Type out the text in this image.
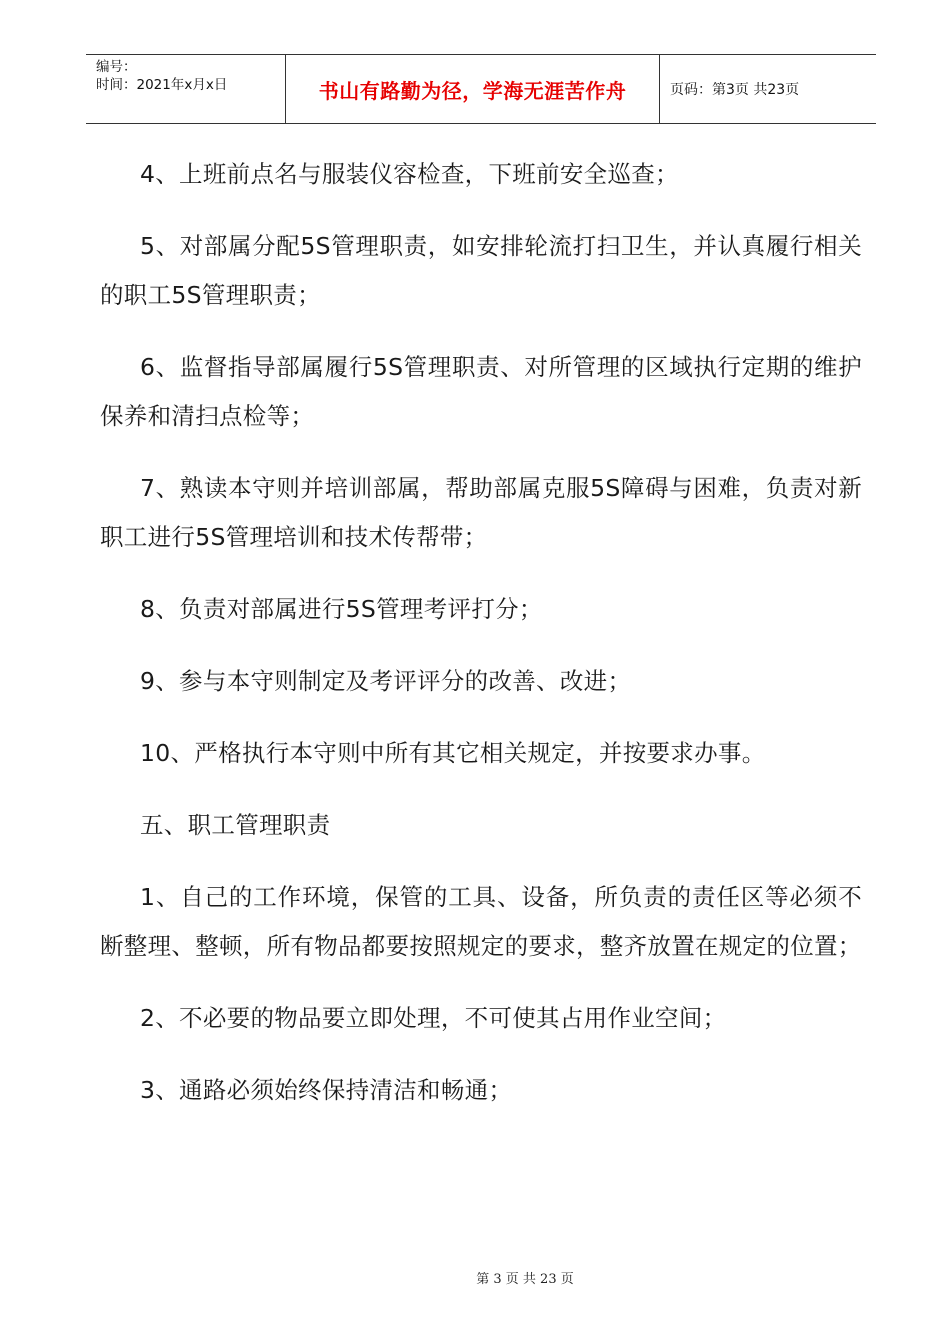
编号：
时间：2021年x月x日	书山有路勤为径，学海无涯苦作舟	页码：第3页 共23页

4、上班前点名与服装仪容检查，下班前安全巡查；

5、对部属分配5S管理职责，如安排轮流打扫卫生，并认真履行相关的职工5S管理职责；

6、监督指导部属履行5S管理职责、对所管理的区域执行定期的维护保养和清扫点检等；

7、熟读本守则并培训部属，帮助部属克服5S障碍与困难，负责对新职工进行5S管理培训和技术传帮带；

8、负责对部属进行5S管理考评打分；

9、参与本守则制定及考评评分的改善、改进；

10、严格执行本守则中所有其它相关规定，并按要求办事。

五、职工管理职责

1、自己的工作环境，保管的工具、设备，所负责的责任区等必须不断整理、整顿，所有物品都要按照规定的要求，整齐放置在规定的位置；

2、不必要的物品要立即处理，不可使其占用作业空间；

3、通路必须始终保持清洁和畅通；

第 3 页 共 23 页
